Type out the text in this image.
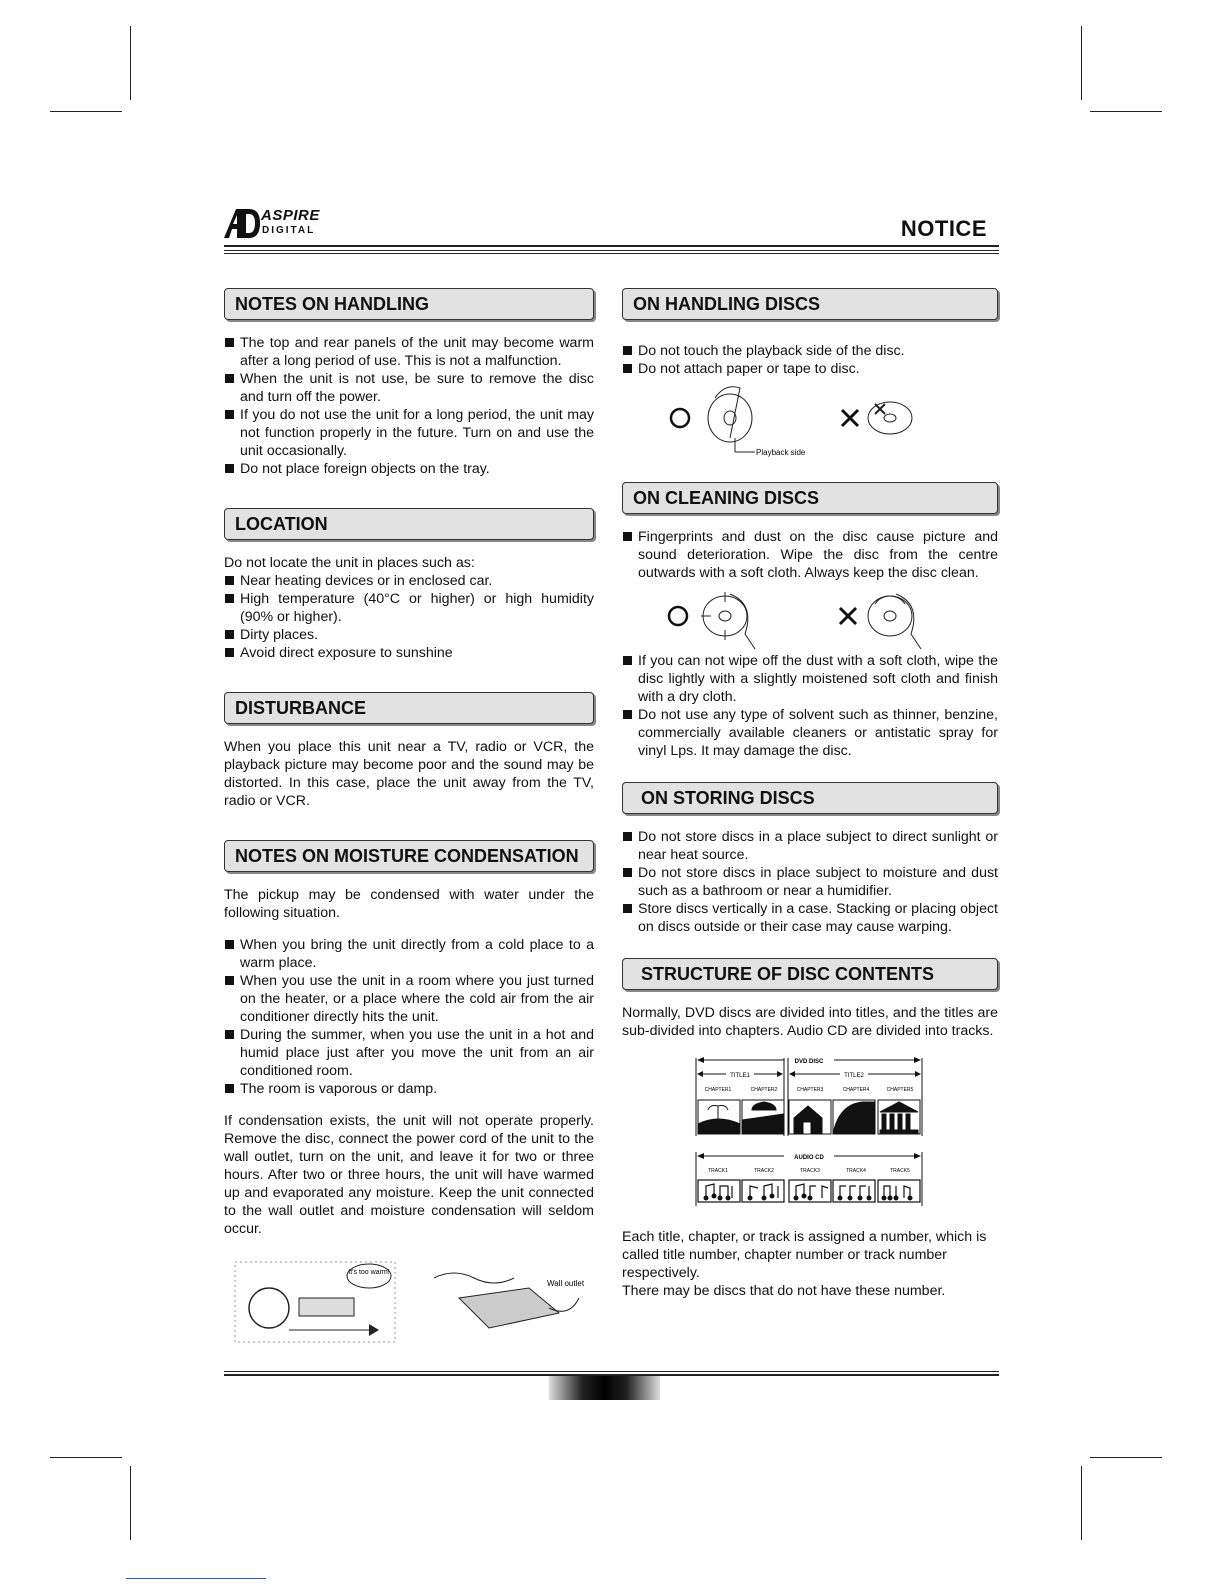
ASPIRE
DIGITAL	NOTICE
NOTES ON HANDLING
The top and rear panels of the unit may become warm after a long period of use. This is not a malfunction.
When the unit is not use, be sure to remove the disc and turn off the power.
If you do not use the unit for a long period, the unit may not function properly in the future. Turn on and use the unit occasionally.
Do not place foreign objects on the tray.
LOCATION

Do not locate the unit in places such as:

Near heating devices or in enclosed car.
High temperature (40°C or higher) or high humidity (90% or higher).
Dirty places.
Avoid direct exposure to sunshine
DISTURBANCE

When you place this unit near a TV, radio or VCR, the playback picture may become poor and the sound may be distorted. In this case, place the unit away from the TV, radio or VCR.

NOTES ON MOISTURE CONDENSATION

The pickup may be condensed with water under the following situation.

When you bring the unit directly from a cold place to a warm place.
When you use the unit in a room where you just turned on the heater, or a place where the cold air from the air conditioner directly hits the unit.
During the summer, when you use the unit in a hot and humid place just after you move the unit from an air conditioned room.
The room is vaporous or damp.

If condensation exists, the unit will not operate properly. Remove the disc, connect the power cord of the unit to the wall outlet, turn on the unit, and leave it for two or three hours. After two or three hours, the unit will have warmed up and evaporated any moisture. Keep the unit connected to the wall outlet and moisture condensation will seldom occur.

It's too warm!
Wall outlet
ON HANDLING DISCS
Do not touch the playback side of the disc.
Do not attach paper or tape to disc.
Playback side
ON CLEANING DISCS
Fingerprints and dust on the disc cause picture and sound deterioration. Wipe the disc from the centre outwards with a soft cloth. Always keep the disc clean.
If you can not wipe off the dust with a soft cloth, wipe the disc lightly with a slightly moistened soft cloth and finish with a dry cloth.
Do not use any type of solvent such as thinner, benzine, commercially available cleaners or antistatic spray for vinyl Lps. It may damage the disc.
ON STORING DISCS
Do not store discs in a place subject to direct sunlight or near heat source.
Do not store discs in place subject to moisture and dust such as a bathroom or near a humidifier.
Store discs vertically in a case. Stacking or placing object on discs outside or their case may cause warping.
STRUCTURE OF DISC CONTENTS

Normally, DVD discs are divided into titles, and the titles are sub-divided into chapters. Audio CD are divided into tracks.

DVD DISC
TITLE1	TITLE2
CHAPTER1	CHAPTER2	CHAPTER3	CHAPTER4	CHAPTER5
AUDIO CD
TRACK1	TRACK2	TRACK3	TRACK4	TRACK5

Each title, chapter, or track is assigned a number, which is called title number, chapter number or track number respectively.

There may be discs that do not have these number.
